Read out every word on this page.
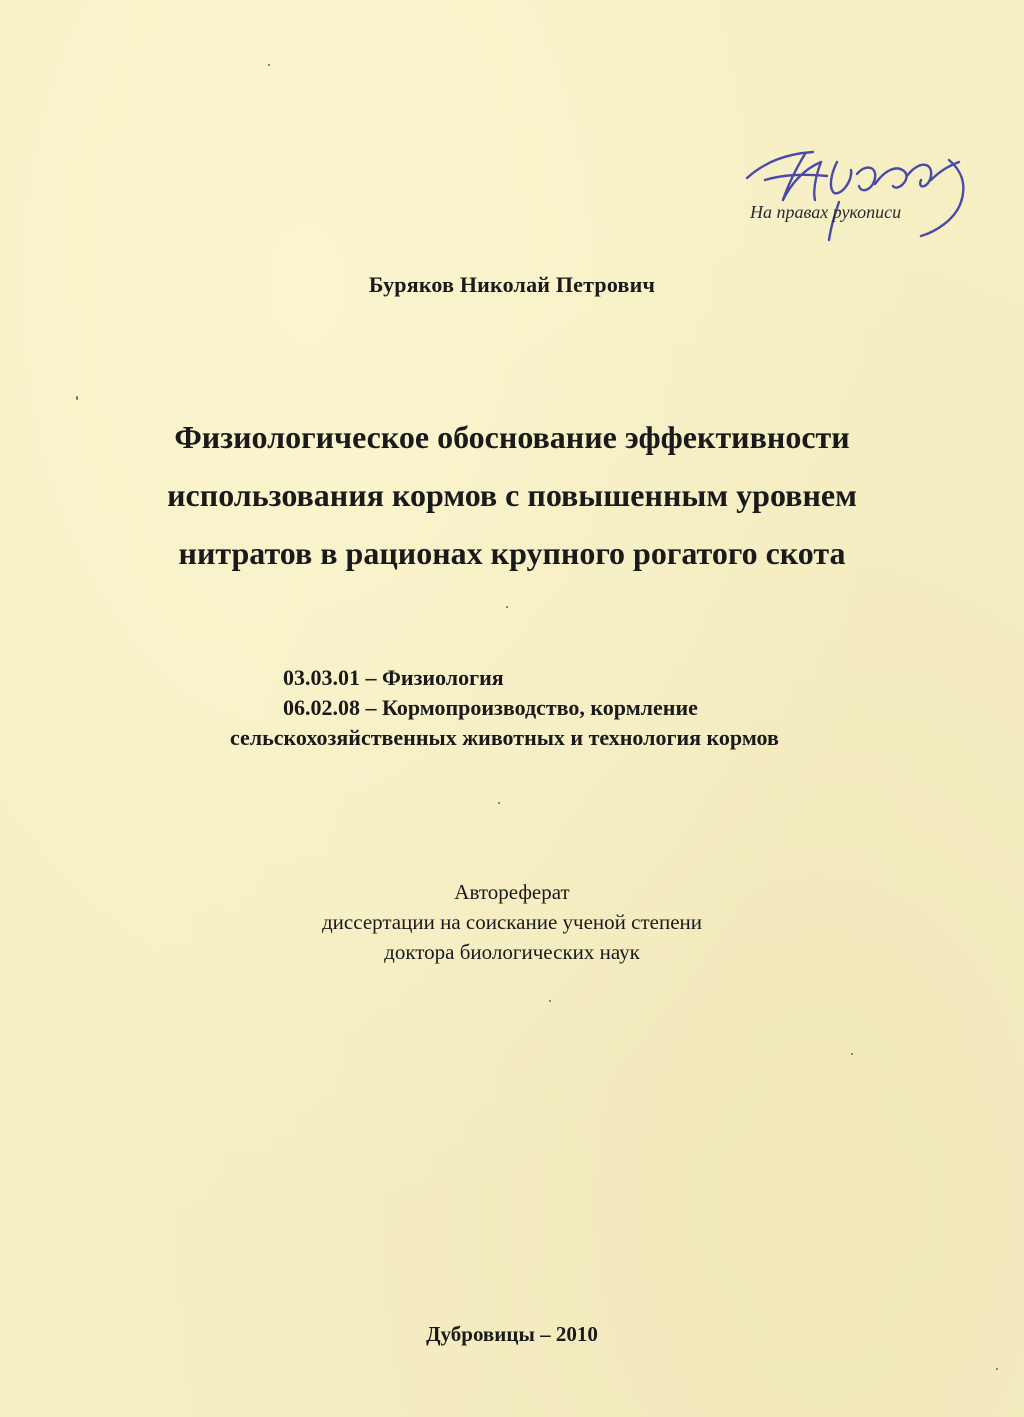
На правах рукописи
Буряков Николай Петрович
Физиологическое обоснование эффективности
использования кормов с повышенным уровнем
нитратов в рационах крупного рогатого скота
03.03.01 – Физиология
06.02.08 – Кормопроизводство, кормление
сельскохозяйственных животных и технология кормов
Автореферат
диссертации на соискание ученой степени
доктора биологических наук
Дубровицы – 2010
